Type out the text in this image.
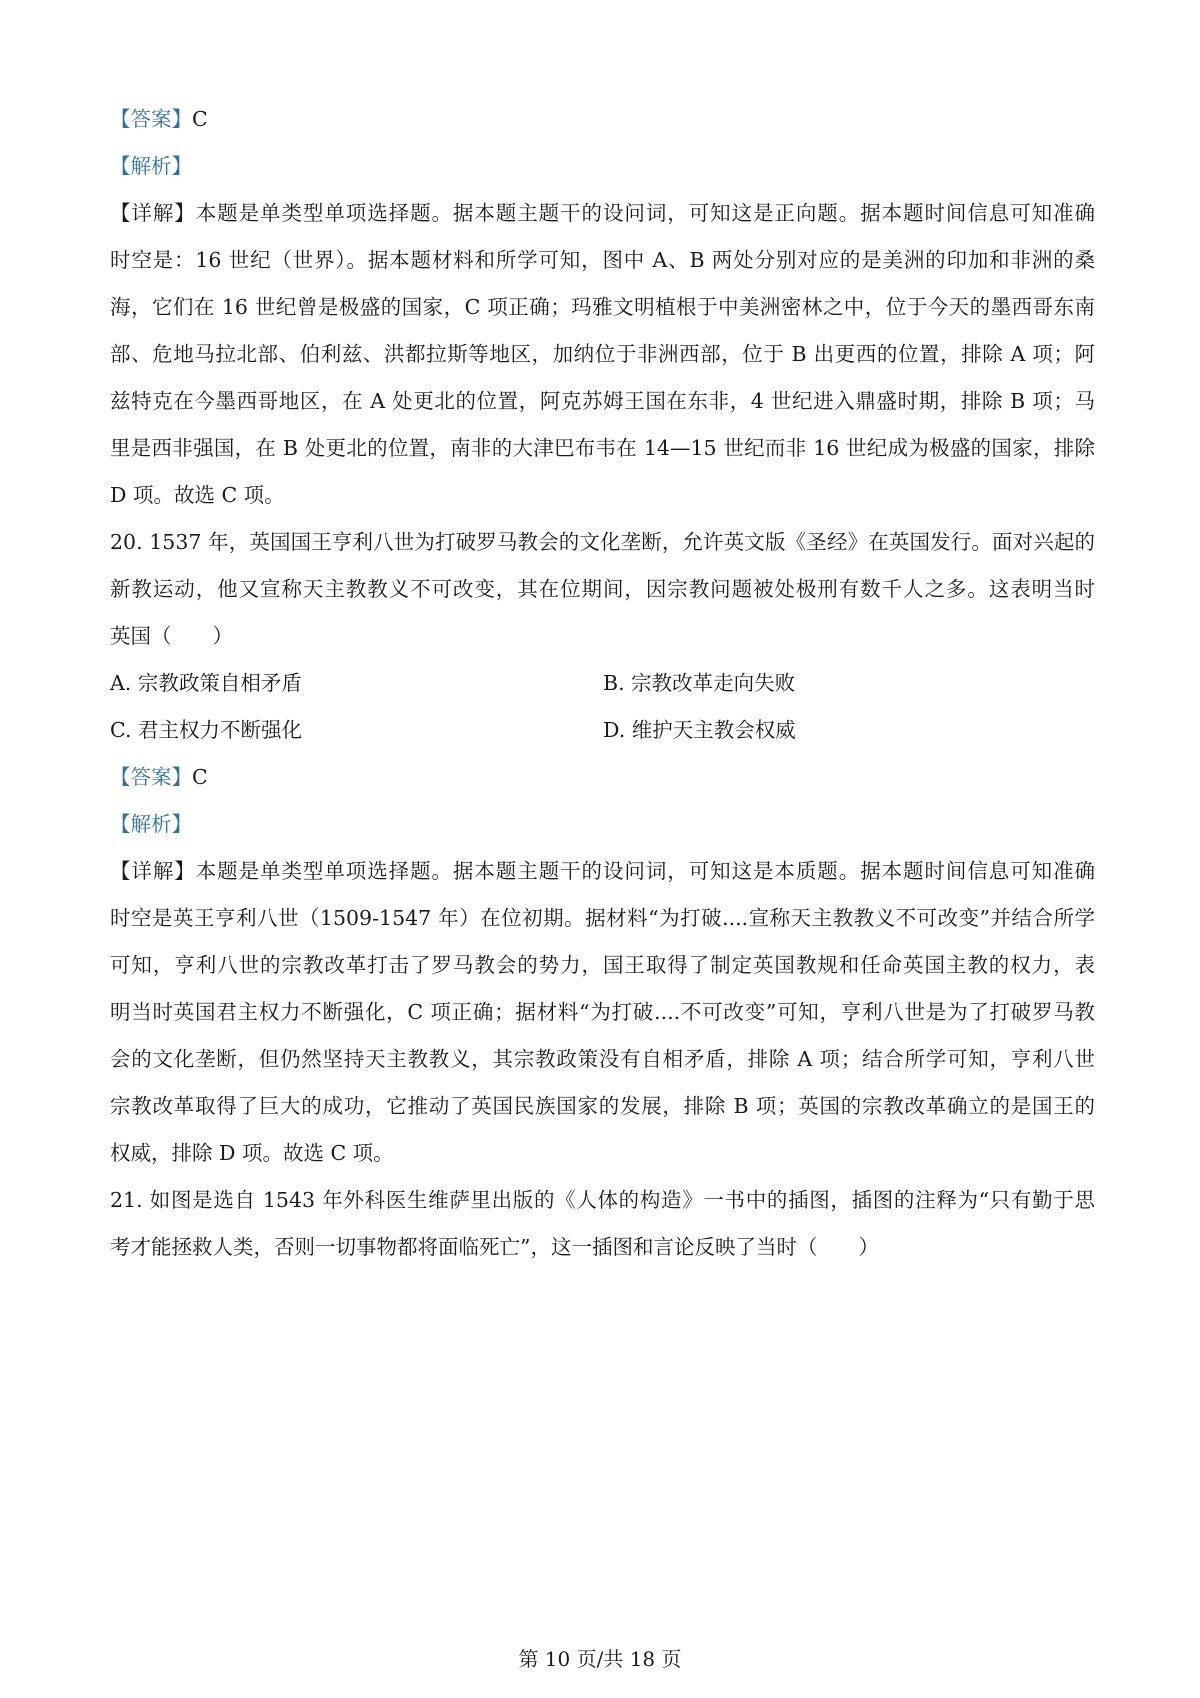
【答案】C
【解析】
【详解】本题是单类型单项选择题。据本题主题干的设问词，可知这是正向题。据本题时间信息可知准确
时空是：16 世纪（世界）。据本题材料和所学可知，图中 A、B 两处分别对应的是美洲的印加和非洲的桑
海，它们在 16 世纪曾是极盛的国家，C 项正确；玛雅文明植根于中美洲密林之中，位于今天的墨西哥东南
部、危地马拉北部、伯利兹、洪都拉斯等地区，加纳位于非洲西部，位于 B 出更西的位置，排除 A 项；阿
兹特克在今墨西哥地区，在 A 处更北的位置，阿克苏姆王国在东非，4 世纪进入鼎盛时期，排除 B 项；马
里是西非强国，在 B 处更北的位置，南非的大津巴布韦在 14—15 世纪而非 16 世纪成为极盛的国家，排除
D 项。故选 C 项。
20. 1537 年，英国国王亨利八世为打破罗马教会的文化垄断，允许英文版《圣经》在英国发行。面对兴起的
新教运动，他又宣称天主教教义不可改变，其在位期间，因宗教问题被处极刑有数千人之多。这表明当时
英国（　　）
A. 宗教政策自相矛盾	B. 宗教改革走向失败
C. 君主权力不断强化	D. 维护天主教会权威
【答案】C
【解析】
【详解】本题是单类型单项选择题。据本题主题干的设问词，可知这是本质题。据本题时间信息可知准确
时空是英王亨利八世（1509-1547 年）在位初期。据材料“为打破....宣称天主教教义不可改变”并结合所学
可知，亨利八世的宗教改革打击了罗马教会的势力，国王取得了制定英国教规和任命英国主教的权力，表
明当时英国君主权力不断强化，C 项正确；据材料“为打破....不可改变”可知，亨利八世是为了打破罗马教
会的文化垄断，但仍然坚持天主教教义，其宗教政策没有自相矛盾，排除 A 项；结合所学可知，亨利八世
宗教改革取得了巨大的成功，它推动了英国民族国家的发展，排除 B 项；英国的宗教改革确立的是国王的
权威，排除 D 项。故选 C 项。
21. 如图是选自 1543 年外科医生维萨里出版的《人体的构造》一书中的插图，插图的注释为“只有勤于思
考才能拯救人类，否则一切事物都将面临死亡”，这一插图和言论反映了当时（　　）
第 10 页/共 18 页
